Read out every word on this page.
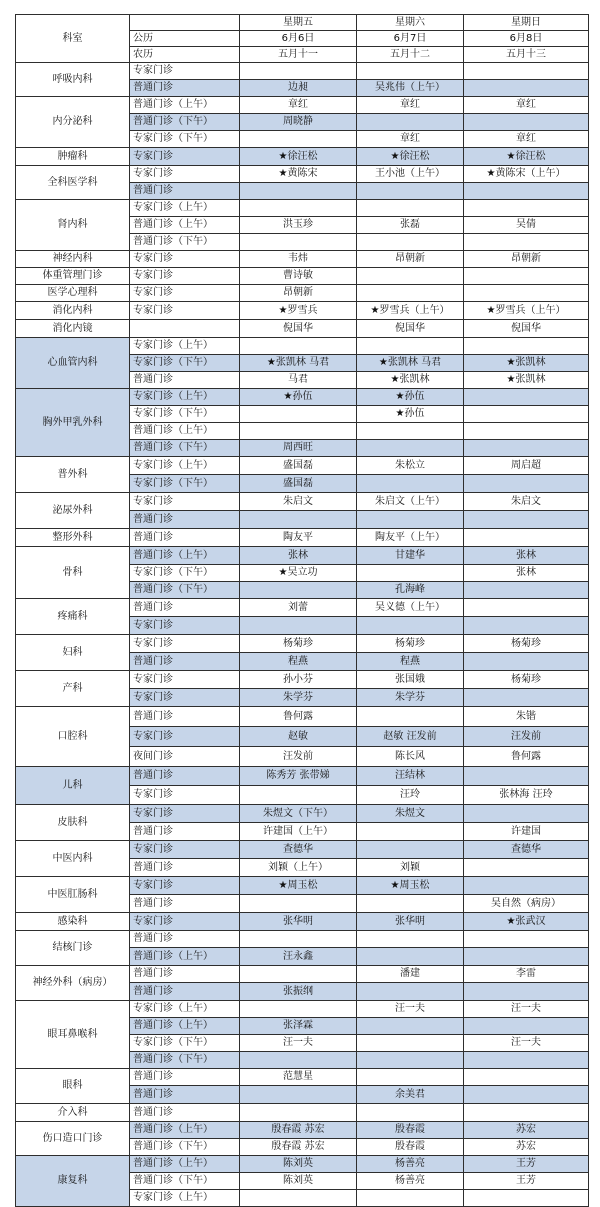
科室		星期五	星期六	星期日
	公历	6月6日	6月7日	6月8日
	农历	五月十一	五月十二	五月十三
呼吸内科	专家门诊			
	普通门诊	边昶	吴兆伟（上午）	
内分泌科	普通门诊（上午）	章红	章红	章红
	普通门诊（下午）	周晓静		
	专家门诊（下午）		章红	章红
肿瘤科	专家门诊	★徐汪松	★徐汪松	★徐汪松
全科医学科	专家门诊	★黄陈宋	王小池（上午）	★黄陈宋（上午）
	普通门诊			
肾内科	专家门诊（上午）			
	普通门诊（上午）	洪玉珍	张磊	吴倩
	普通门诊（下午）			
神经内科	专家门诊	韦炜	昂朝新	昂朝新
体重管理门诊	专家门诊	曹诗敏		
医学心理科	专家门诊	昂朝新		
消化内科	专家门诊	★罗雪兵	★罗雪兵（上午）	★罗雪兵（上午）
消化内镜		倪国华	倪国华	倪国华
心血管内科	专家门诊（上午）			
	专家门诊（下午）	★张凯林 马君	★张凯林 马君	★张凯林
	普通门诊	马君	★张凯林	★张凯林
胸外甲乳外科	专家门诊（上午）	★孙伍	★孙伍	
	专家门诊（下午）		★孙伍	
	普通门诊（上午）			
	普通门诊（下午）	周西旺		
普外科	专家门诊（上午）	盛国磊	朱松立	周启超
	专家门诊（下午）	盛国磊		
泌尿外科	专家门诊	朱启文	朱启文（上午）	朱启文
	普通门诊			
整形外科	普通门诊	陶友平	陶友平（上午）	
骨科	普通门诊（上午）	张林	甘建华	张林
	专家门诊（下午）	★吴立功		张林
	普通门诊（下午）		孔海峰	
疼痛科	普通门诊	刘蕾	吴义德（上午）	
	专家门诊			
妇科	专家门诊	杨菊珍	杨菊珍	杨菊珍
	普通门诊	程燕	程燕	
产科	专家门诊	孙小芬	张国娥	杨菊珍
	专家门诊	朱学芬	朱学芬	
口腔科	普通门诊	鲁何露		朱锴
	专家门诊	赵敏	赵敏 汪发前	汪发前
	夜间门诊	汪发前	陈长风	鲁何露
儿科	普通门诊	陈秀芳 张带娣	汪结林	
	专家门诊		汪玲	张林海 汪玲
皮肤科	专家门诊	朱煜文（下午）	朱煜文	
	普通门诊	许建国（上午）		许建国
中医内科	专家门诊	查德华		查德华
	普通门诊	刘颖（上午）	刘颖	
中医肛肠科	专家门诊	★周玉松	★周玉松	
	普通门诊			吴自然（病房）
感染科	专家门诊	张华明	张华明	★张武汉
结核门诊	普通门诊			
	普通门诊（上午）	汪永鑫		
神经外科（病房）	普通门诊		潘建	李雷
	普通门诊	张振纲		
眼耳鼻喉科	专家门诊（上午）		汪一夫	汪一夫
	普通门诊（上午）	张泽霖		
	专家门诊（下午）	汪一夫		汪一夫
	普通门诊（下午）			
眼科	普通门诊	范慧星		
	普通门诊		余美君	
介入科	普通门诊			
伤口造口门诊	普通门诊（上午）	殷春霞 苏宏	殷春霞	苏宏
	普通门诊（下午）	殷春霞 苏宏	殷春霞	苏宏
康复科	普通门诊（上午）	陈刘英	杨善亮	王芳
	普通门诊（下午）	陈刘英	杨善亮	王芳
	专家门诊（上午）			
